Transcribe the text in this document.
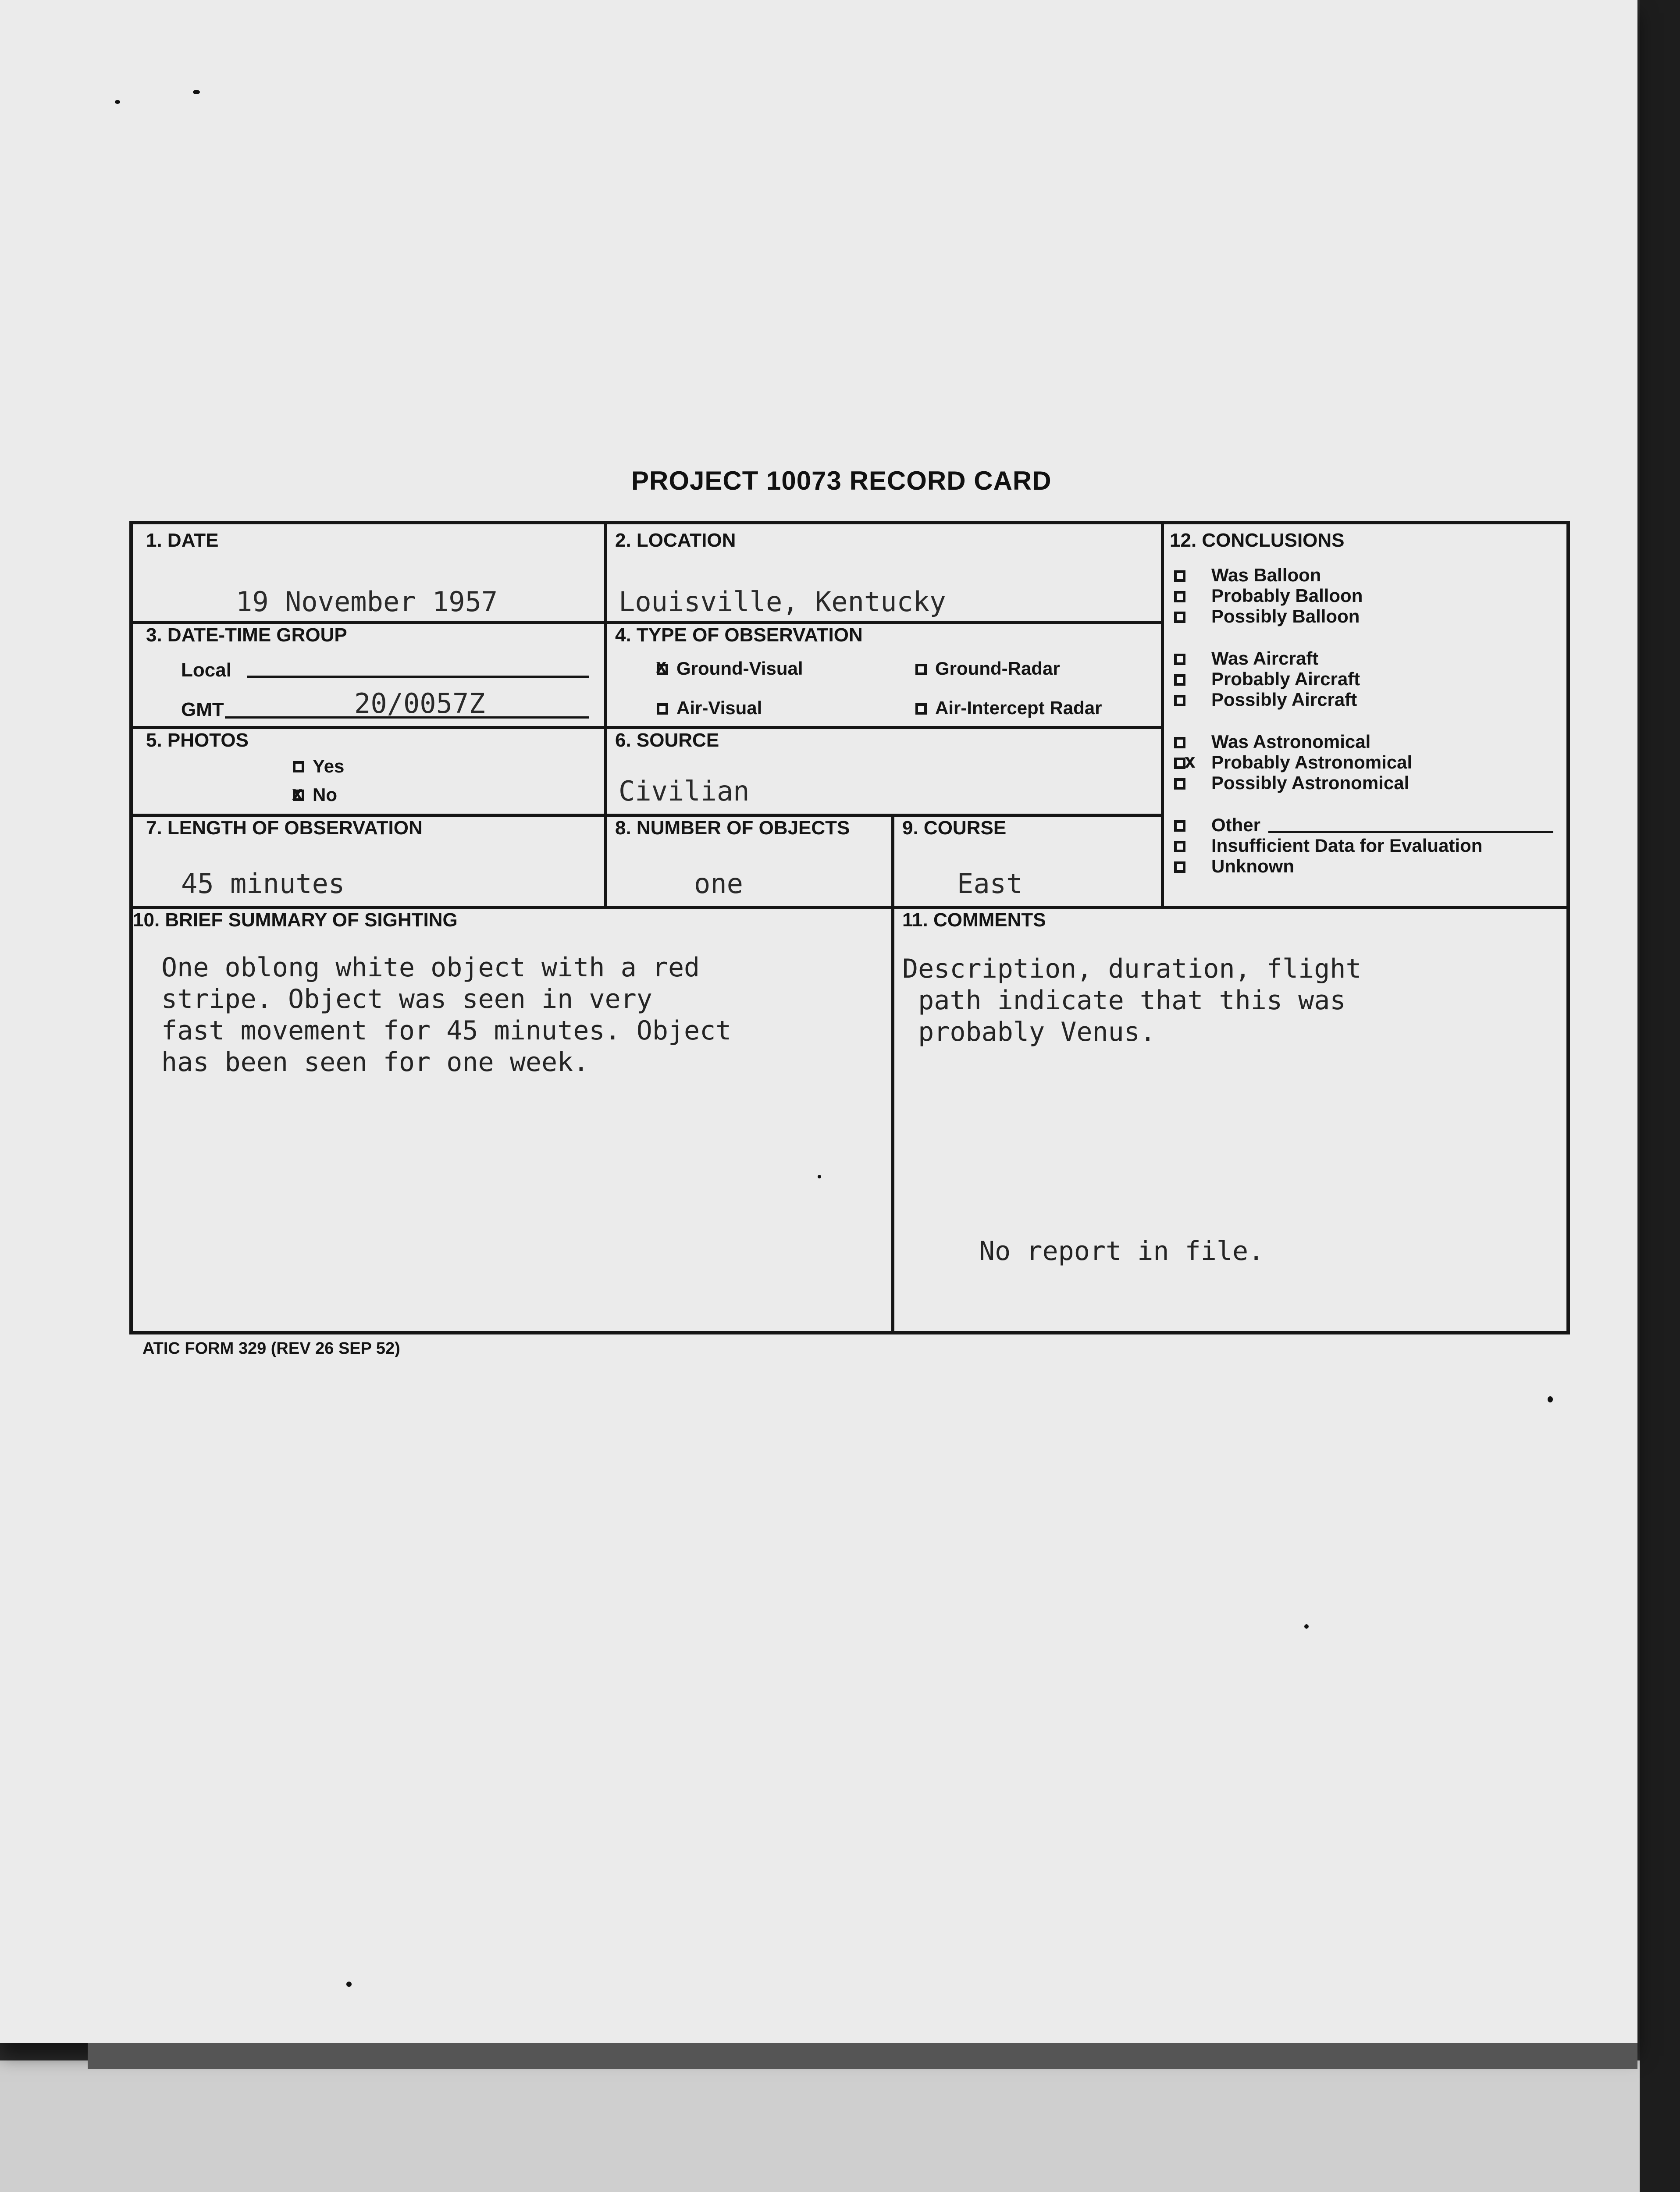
PROJECT 10073 RECORD CARD
1. DATE
19 November 1957
2. LOCATION
Louisville, Kentucky
3. DATE-TIME GROUP
Local
GMT	20/0057Z
4. TYPE OF OBSERVATION
x Ground-Visual	Ground-Radar
Air-Visual	Air-Intercept Radar
5. PHOTOS
Yes
x No
6. SOURCE
Civilian
7. LENGTH OF OBSERVATION
45 minutes
8. NUMBER OF OBJECTS
one
9. COURSE
East
10. BRIEF SUMMARY OF SIGHTING
One oblong white object with a red
stripe. Object was seen in very
fast movement for 45 minutes. Object
has been seen for one week.
11. COMMENTS
Description, duration, flight
path indicate that this was
probably Venus.
No report in file.
12. CONCLUSIONS
Was Balloon
Probably Balloon
Possibly Balloon
Was Aircraft
Probably Aircraft
Possibly Aircraft
Was Astronomical
x Probably Astronomical
Possibly Astronomical
Other
Insufficient Data for Evaluation
Unknown
ATIC FORM 329 (REV 26 SEP 52)
